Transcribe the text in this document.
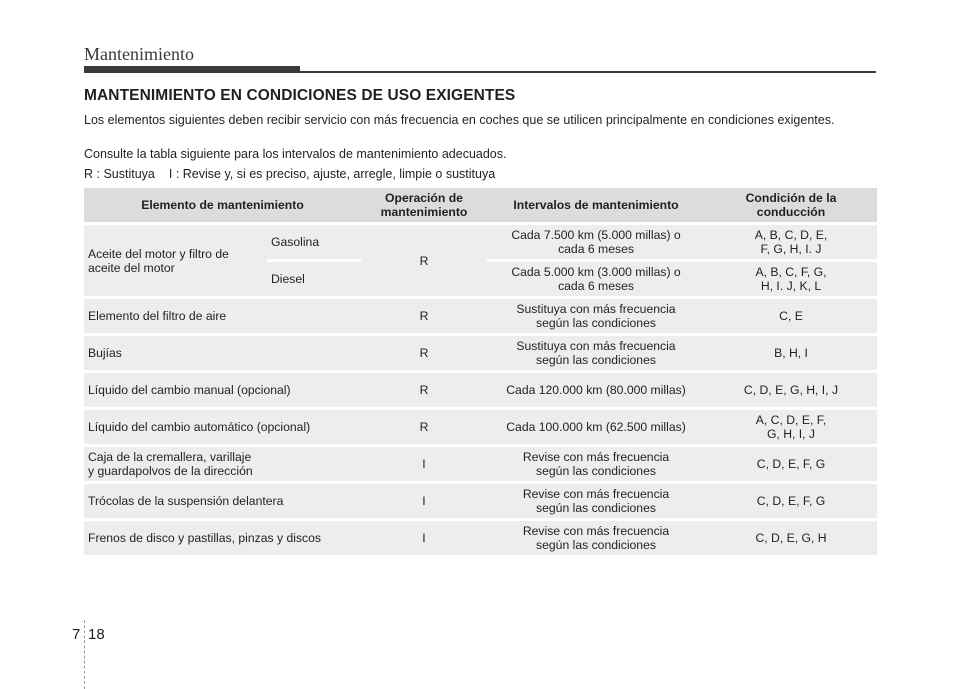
Mantenimiento
MANTENIMIENTO EN CONDICIONES DE USO EXIGENTES
Los elementos siguientes deben recibir servicio con más frecuencia en coches que se utilicen principalmente en condiciones exigentes.
Consulte la tabla siguiente para los intervalos de mantenimiento adecuados.
R : Sustituya I : Revise y, si es preciso, ajuste, arregle, limpie o sustituya
Elemento de mantenimiento		Operación de
mantenimiento	Intervalos de mantenimiento	Condición de la
conducción

Aceite del motor y filtro de
aceite del motor	Gasolina	R	Cada 7.500 km (5.000 millas) o
cada 6 meses	A, B, C, D, E,
F, G, H, I. J

	Diesel		Cada 5.000 km (3.000 millas) o
cada 6 meses	A, B, C, F, G,
H, I. J, K, L

Elemento del filtro de aire		R	Sustituya con más frecuencia
según las condiciones	C, E

Bujías		R	Sustituya con más frecuencia
según las condiciones	B, H, I

Líquido del cambio manual (opcional)		R	Cada 120.000 km (80.000 millas)	C, D, E, G, H, I, J

Líquido del cambio automático (opcional)		R	Cada 100.000 km (62.500 millas)	A, C, D, E, F,
G, H, I, J

Caja de la cremallera, varillaje
y guardapolvos de la dirección		I	Revise con más frecuencia
según las condiciones	C, D, E, F, G

Trócolas de la suspensión delantera		I	Revise con más frecuencia
según las condiciones	C, D, E, F, G

Frenos de disco y pastillas, pinzas y discos		I	Revise con más frecuencia
según las condiciones	C, D, E, G, H
7 18
